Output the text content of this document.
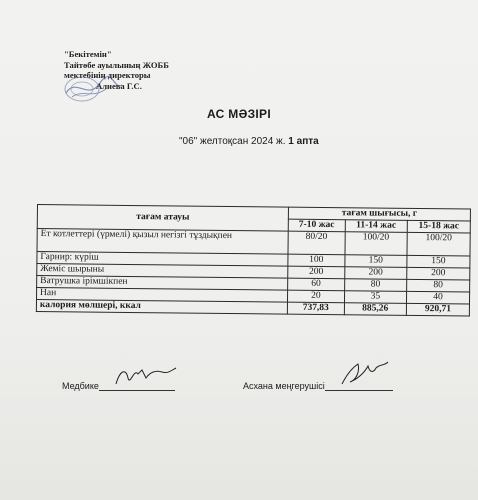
"Бекітемін"
Тайтөбе ауылының ЖОББ
мектебінің директоры
Алиева Г.С.
АС МӘЗІРІ
"06" желтоқсан 2024 ж. 1 апта
тағам атауы	тағам шығысы, г		
	7-10 жас	11-14 жас	15-18 жас
Ет котлеттері (үрмелі) қызыл негізгі тұздықпен	80/20	100/20	100/20
Гарнир: күріш	100	150	150
Жеміс шырыны	200	200	200
Ватрушка ірімшікпен	60	80	80
Нан	20	35	40
калория мөлшері, ккал	737,83	885,26	920,71
Медбике	Асхана меңгерушісі
